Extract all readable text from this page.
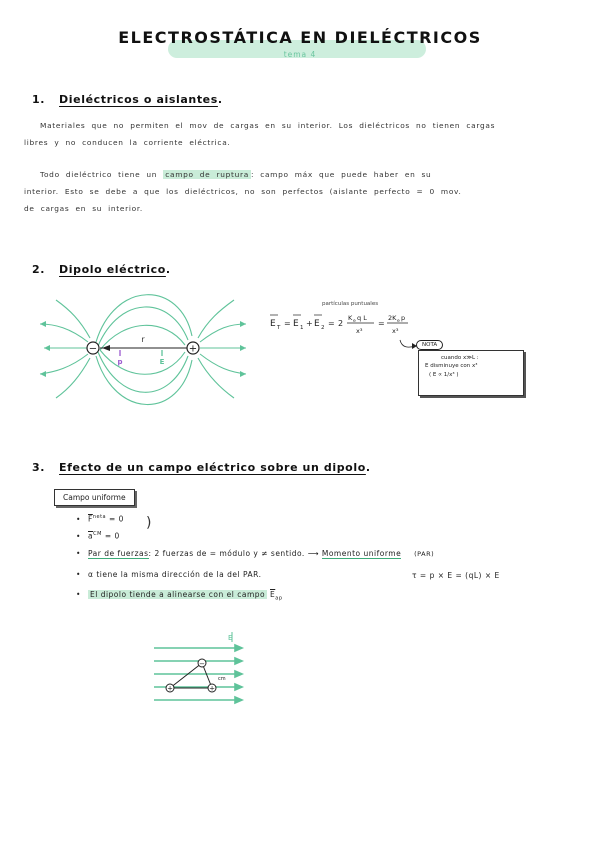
ELECTROSTÁTICA EN DIELÉCTRICOS
tema 4
1. Dieléctricos o aislantes.
Materiales que no permiten el mov de cargas en su interior. Los dieléctricos no tienen cargas
libres y no conducen la corriente eléctrica.
Todo dieléctrico tiene un campo de ruptura : campo máx que puede haber en su
interior. Esto se debe a que los dieléctricos, no son perfectos (aislante perfecto = 0 mov.
de cargas en su interior.
2. Dipolo eléctrico.
−	+
r
p	E
partículas puntuales
E T = E 1 + E 2 = 2
K e q L
x³
=
2K e p
x³
NOTA
cuando x≫L :
E disminuye con x³
( E ∝ 1/x³ )
3. Efecto de un campo eléctrico sobre un dipolo.
Campo uniforme
• $\overline{F}^{neta} = 0$ )
• $\overline{a}^{CM} = 0$
• Par de fuerzas: 2 fuerzas de = módulo y ≠ sentido. ⟶ Momento uniforme (PAR)
• α tiene la misma dirección de la del PAR.	τ = p × E = (qL) × E
• El dipolo tiende a alinearse con el campo $\overline{E}_{ap}$
E
−
+	+
cm
